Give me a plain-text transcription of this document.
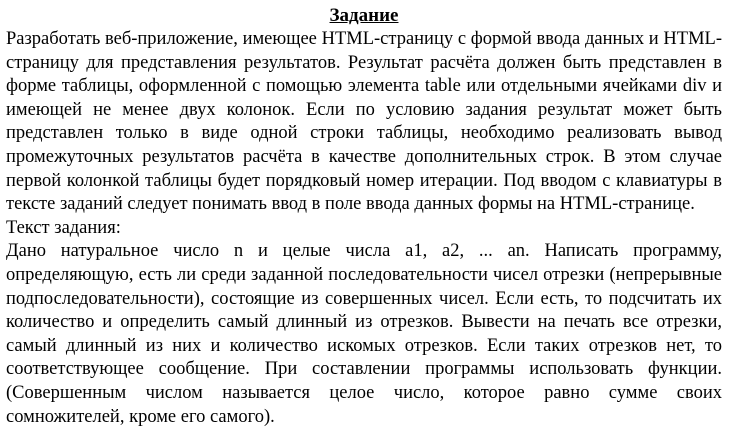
Задание

Разработать веб-приложение, имеющее HTML-страницу с формой ввода данных и HTML-страницу для представления результатов. Результат расчёта должен быть представлен в форме таблицы, оформленной с помощью элемента table или отдельными ячейками div и имеющей не менее двух колонок. Если по условию задания результат может быть представлен только в виде одной строки таблицы, необходимо реализовать вывод промежуточных результатов расчёта в качестве дополнительных строк. В этом случае первой колонкой таблицы будет порядковый номер итерации. Под вводом с клавиатуры в тексте заданий следует понимать ввод в поле ввода данных формы на HTML-странице.

Текст задания:

Дано натуральное число n и целые числа a1, a2, ... an. Написать программу, определяющую, есть ли среди заданной последовательности чисел отрезки (непрерывные подпоследовательности), состоящие из совершенных чисел. Если есть, то подсчитать их количество и определить самый длинный из отрезков. Вывести на печать все отрезки, самый длинный из них и количество искомых отрезков. Если таких отрезков нет, то соответствующее сообщение. При составлении программы использовать функции. (Совершенным числом называется целое число, которое равно сумме своих сомножителей, кроме его самого).
